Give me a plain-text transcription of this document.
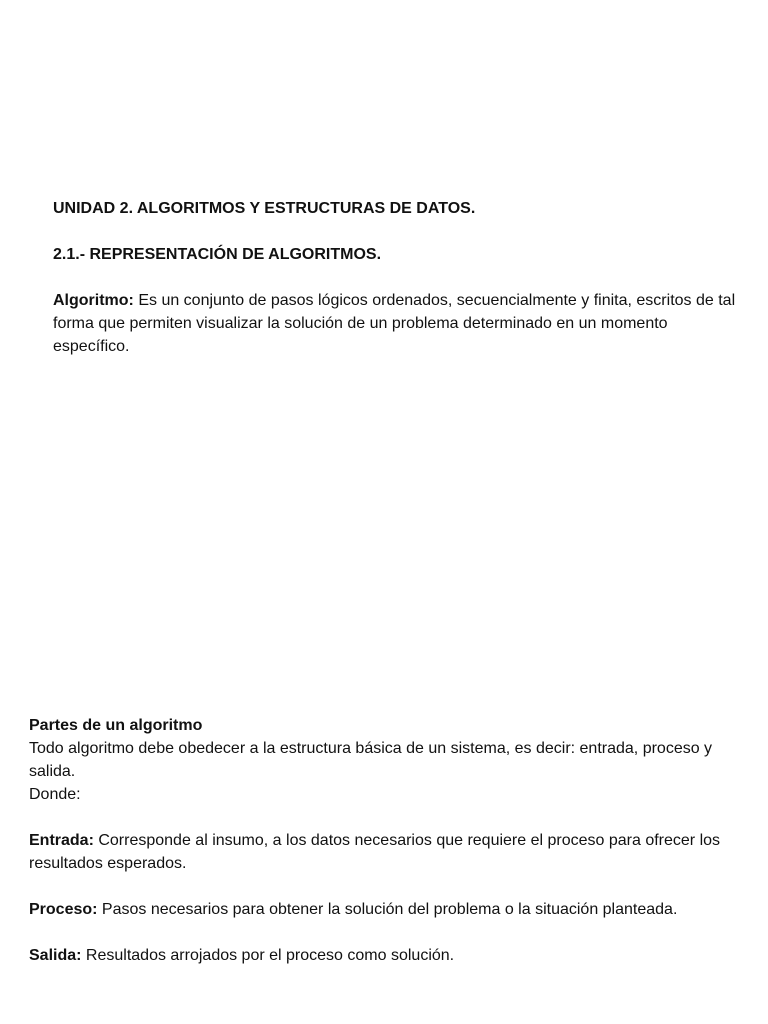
UNIDAD 2. ALGORITMOS Y ESTRUCTURAS DE DATOS.
2.1.- REPRESENTACIÓN DE ALGORITMOS.

Algoritmo: Es un conjunto de pasos lógicos ordenados, secuencialmente y finita, escritos de tal forma que permiten visualizar la solución de un problema determinado en un momento específico.

Partes de un algoritmo

Todo algoritmo debe obedecer a la estructura básica de un sistema, es decir: entrada, proceso y salida.

Donde:

Entrada: Corresponde al insumo, a los datos necesarios que requiere el proceso para ofrecer los resultados esperados.

Proceso: Pasos necesarios para obtener la solución del problema o la situación planteada.

Salida: Resultados arrojados por el proceso como solución.
